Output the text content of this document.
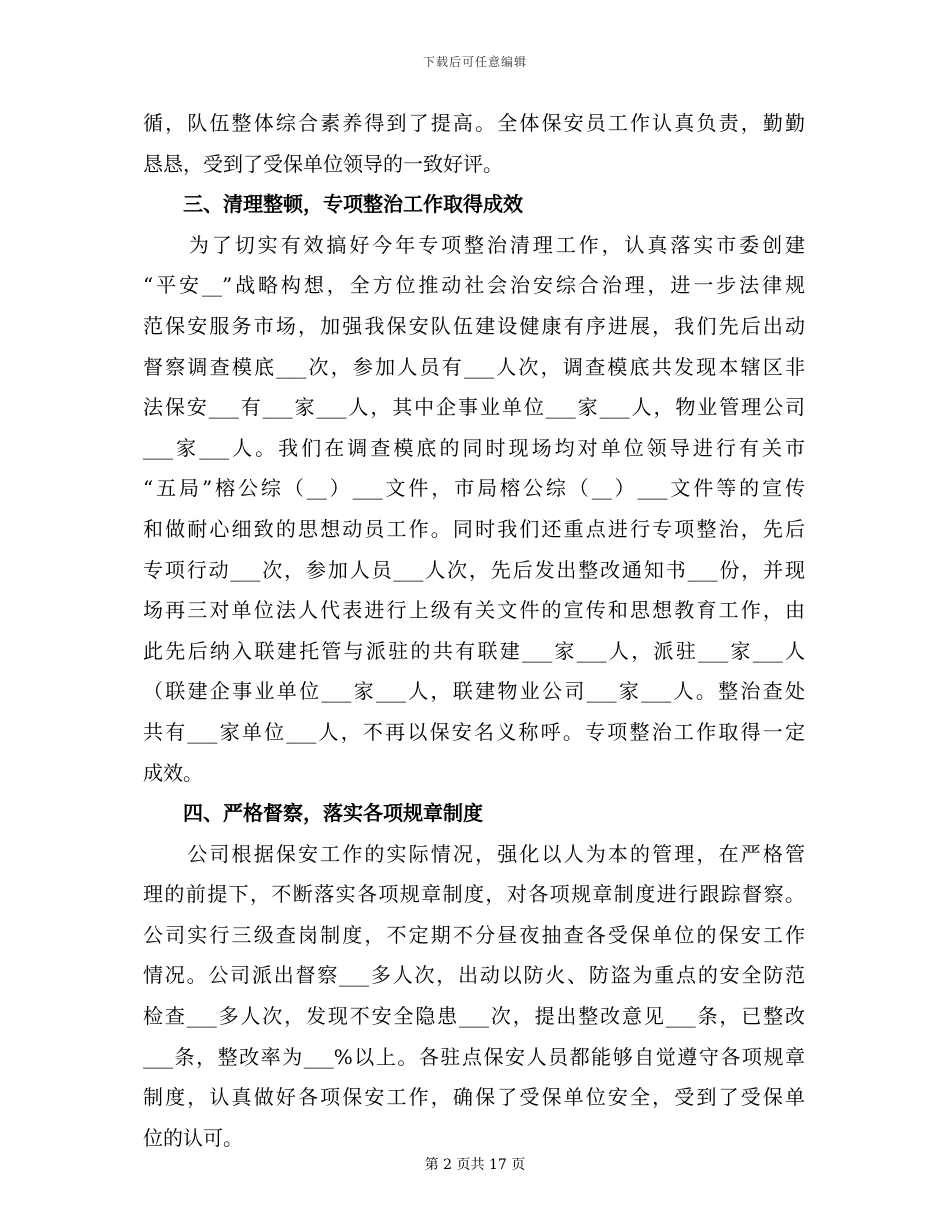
下载后可任意编辑
循，队伍整体综合素养得到了提高。全体保安员工作认真负责，勤勤
恳恳，受到了受保单位领导的一致好评。
　　三、清理整顿，专项整治工作取得成效
　　为了切实有效搞好今年专项整治清理工作，认真落实市委创建
“平安__”战略构想，全方位推动社会治安综合治理，进一步法律规
范保安服务市场，加强我保安队伍建设健康有序进展，我们先后出动
督察调查模底___次，参加人员有___人次，调查模底共发现本辖区非
法保安___有___家___人，其中企事业单位___家___人，物业管理公司
___家___人。我们在调查模底的同时现场均对单位领导进行有关市
“五局”榕公综（__）___文件，市局榕公综（__）___文件等的宣传
和做耐心细致的思想动员工作。同时我们还重点进行专项整治，先后
专项行动___次，参加人员___人次，先后发出整改通知书___份，并现
场再三对单位法人代表进行上级有关文件的宣传和思想教育工作，由
此先后纳入联建托管与派驻的共有联建___家___人，派驻___家___人
（联建企事业单位___家___人，联建物业公司___家___人。整治查处
共有___家单位___人，不再以保安名义称呼。专项整治工作取得一定
成效。
　　四、严格督察，落实各项规章制度
　　公司根据保安工作的实际情况，强化以人为本的管理，在严格管
理的前提下，不断落实各项规章制度，对各项规章制度进行跟踪督察。
公司实行三级查岗制度，不定期不分昼夜抽查各受保单位的保安工作
情况。公司派出督察___多人次，出动以防火、防盗为重点的安全防范
检查___多人次，发现不安全隐患___次，提出整改意见___条，已整改
___条，整改率为___%以上。各驻点保安人员都能够自觉遵守各项规章
制度，认真做好各项保安工作，确保了受保单位安全，受到了受保单
位的认可。
第 2 页共 17 页
